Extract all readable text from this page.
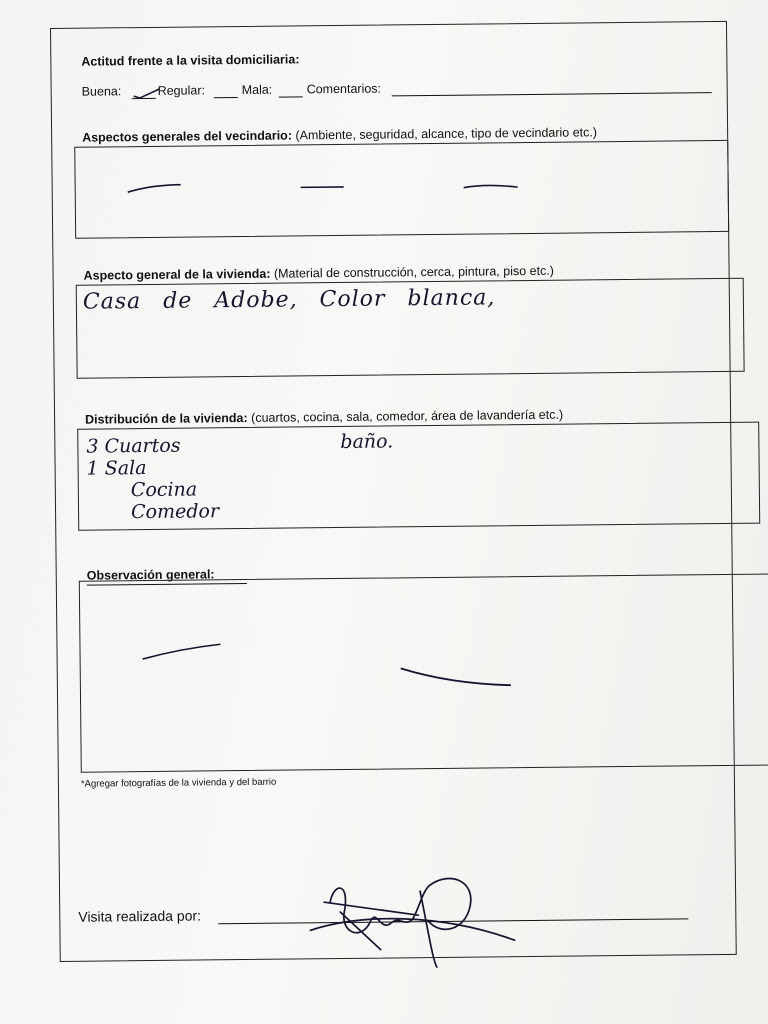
Actitud frente a la visita domiciliaria:
Buena:	Regular:	Mala:	Comentarios:
Aspectos generales del vecindario: (Ambiente, seguridad, alcance, tipo de vecindario etc.)
Aspecto general de la vivienda: (Material de construcción, cerca, pintura, piso etc.)
Casa de Adobe, Color blanca,
Distribución de la vivienda: (cuartos, cocina, sala, comedor, área de lavandería etc.)
3 Cuartos
1 Sala
Cocina
Comedor
baño.
Observación general:
*Agregar fotografías de la vivienda y del barrio
Visita realizada por:
